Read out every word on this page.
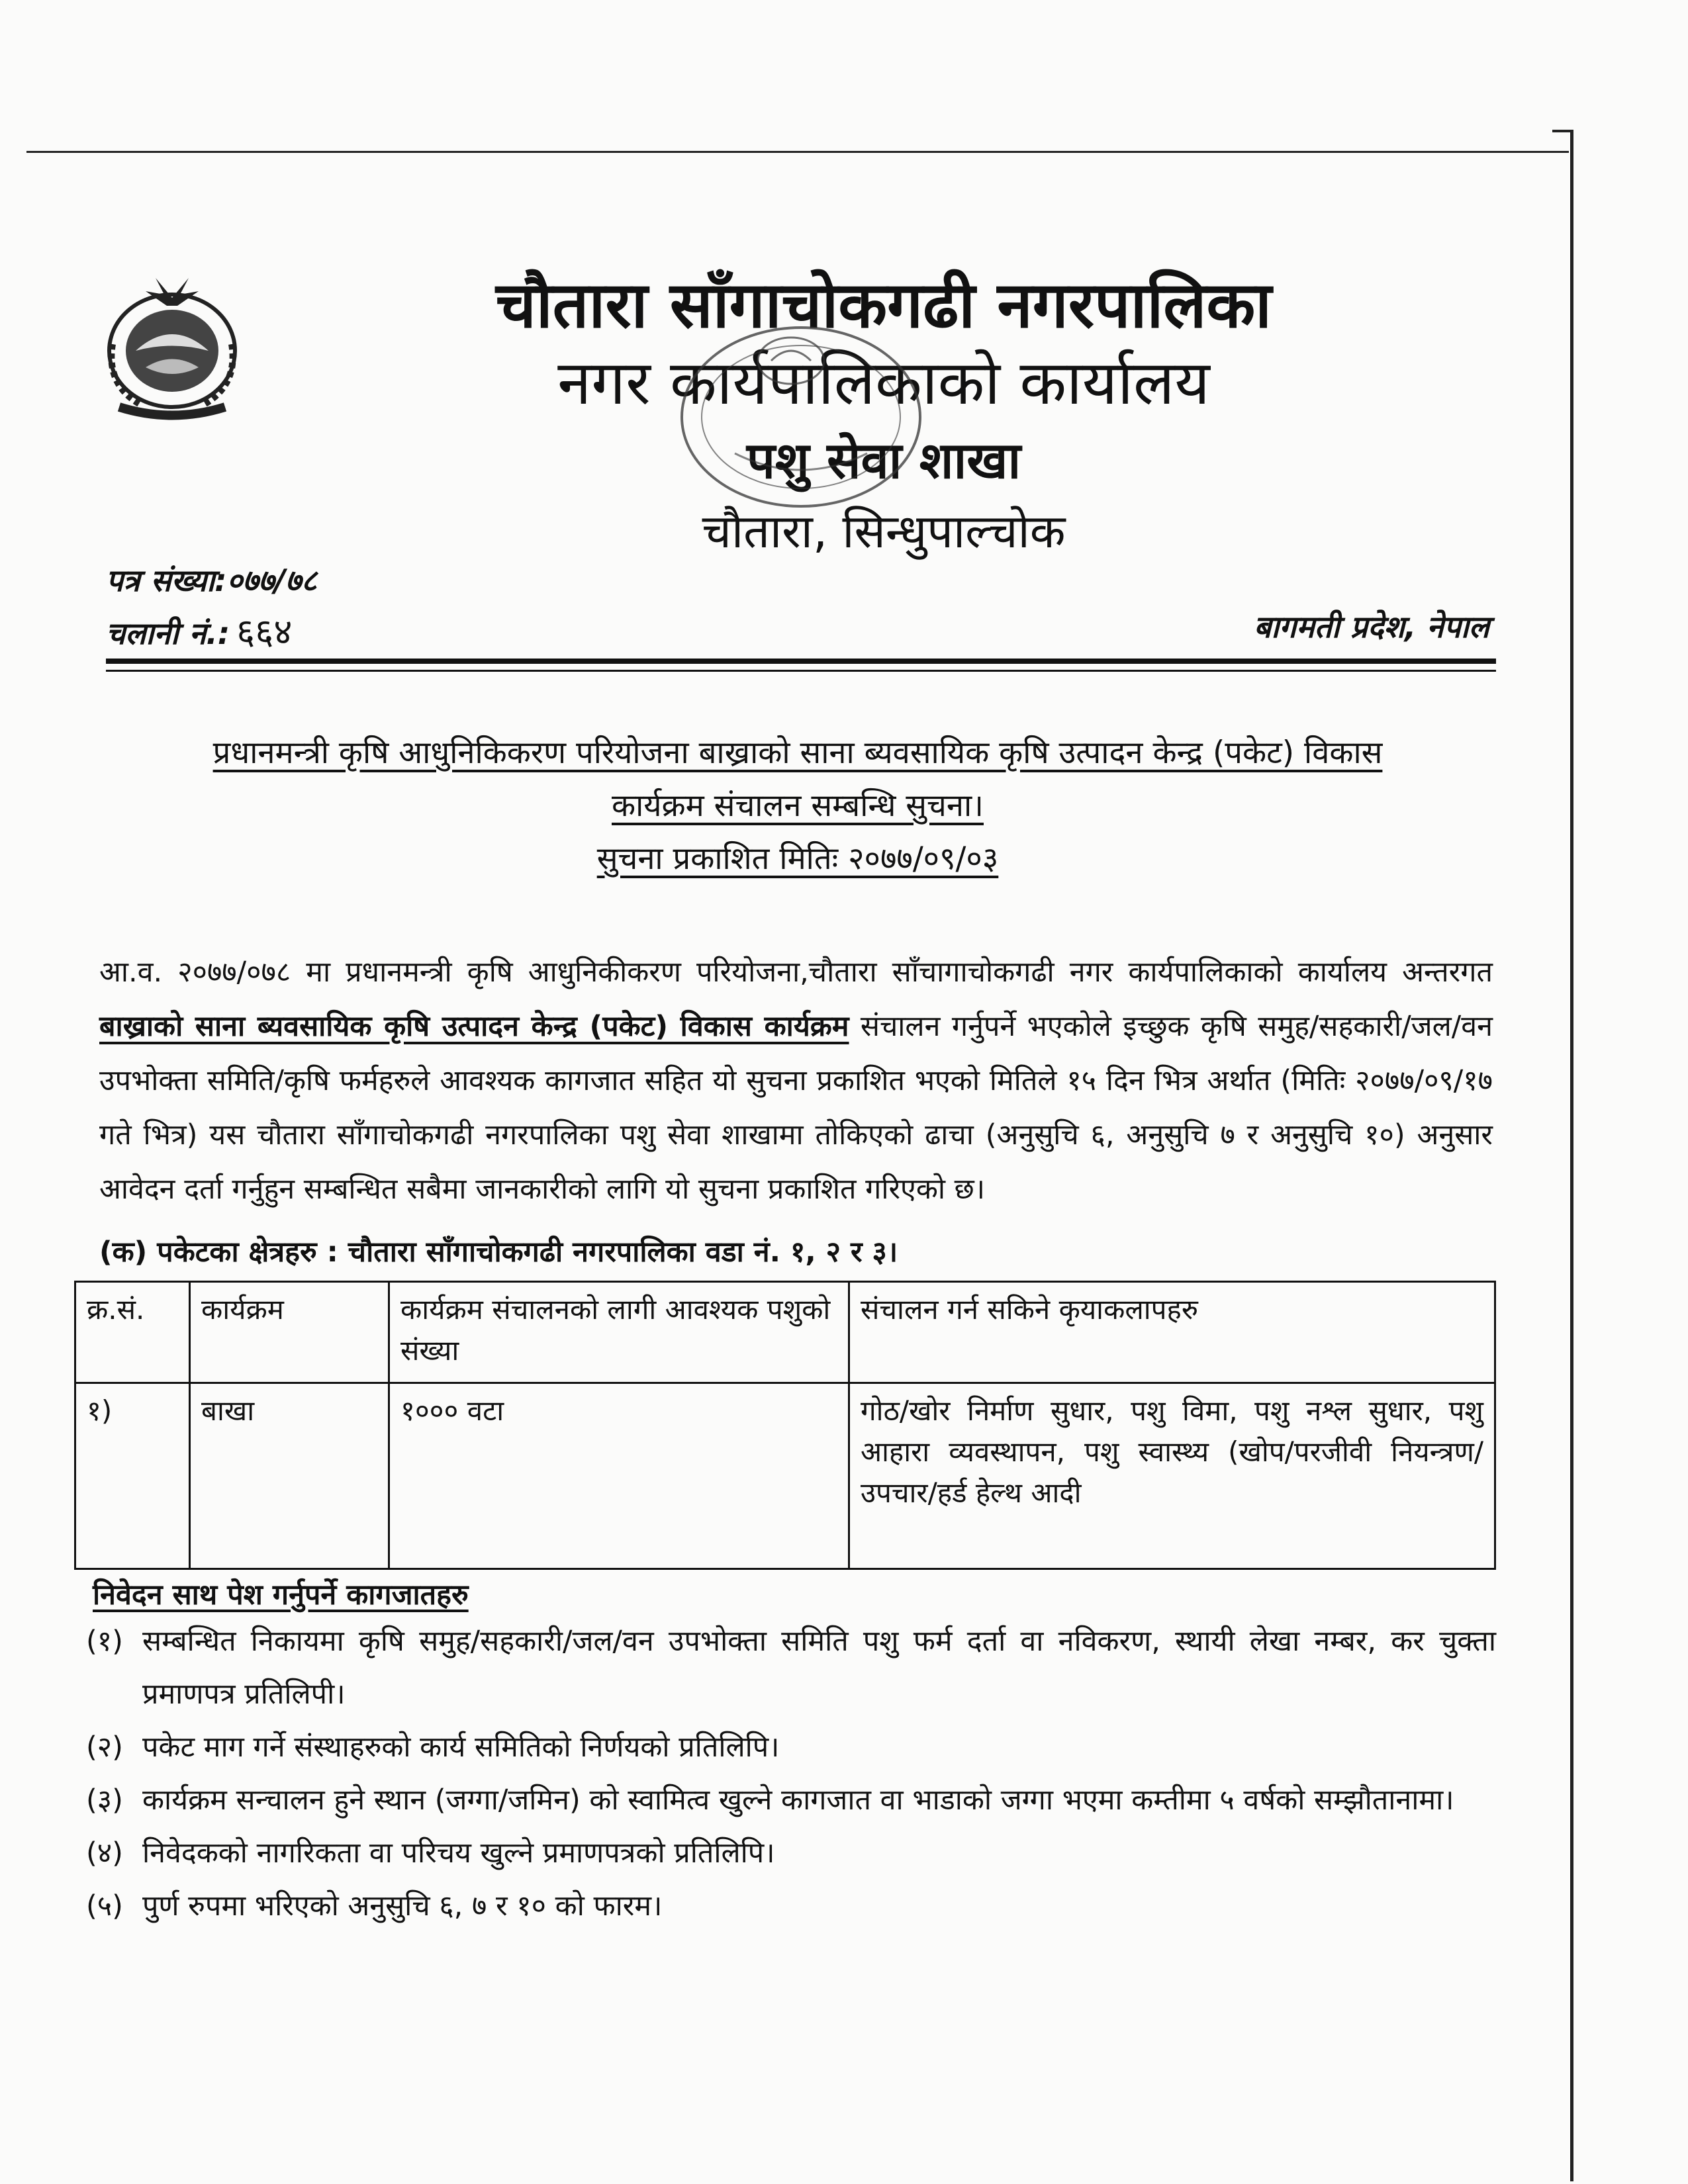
चौतारा साँगाचोकगढी नगरपालिका
नगर कार्यपालिकाको कार्यालय
पशु सेवा शाखा
चौतारा, सिन्धुपाल्चोक
पत्र संख्या:०७७/७८
चलानी नं.: ६६४	बागमती प्रदेश, नेपाल
प्रधानमन्त्री कृषि आधुनिकिकरण परियोजना बाख्राको साना ब्यवसायिक कृषि उत्पादन केन्द्र (पकेट) विकास
कार्यक्रम संचालन सम्बन्धि सुचना।
सुचना प्रकाशित मितिः २०७७/०९/०३
आ.व. २०७७/०७८ मा प्रधानमन्त्री कृषि आधुनिकीकरण परियोजना,चौतारा साँचागाचोकगढी नगर कार्यपालिकाको कार्यालय अन्तरगत बाख्राको साना ब्यवसायिक कृषि उत्पादन केन्द्र (पकेट) विकास कार्यक्रम संचालन गर्नुपर्ने भएकोले इच्छुक कृषि समुह/सहकारी/जल/वन उपभोक्ता समिति/कृषि फर्महरुले आवश्यक कागजात सहित यो सुचना प्रकाशित भएको मितिले १५ दिन भित्र अर्थात (मितिः २०७७/०९/१७ गते भित्र) यस चौतारा साँगाचोकगढी नगरपालिका पशु सेवा शाखामा तोकिएको ढाचा (अनुसुचि ६, अनुसुचि ७ र अनुसुचि १०) अनुसार आवेदन दर्ता गर्नुहुन सम्बन्धित सबैमा जानकारीको लागि यो सुचना प्रकाशित गरिएको छ।
(क) पकेटका क्षेत्रहरु : चौतारा साँगाचोकगढी नगरपालिका वडा नं. १, २ र ३।
क्र.सं.	कार्यक्रम	कार्यक्रम संचालनको लागी आवश्यक पशुको संख्या	संचालन गर्न सकिने कृयाकलापहरु
१)	बाखा	१००० वटा	गोठ/खोर निर्माण सुधार, पशु विमा, पशु नश्ल सुधार, पशु आहारा व्यवस्थापन, पशु स्वास्थ्य (खोप/परजीवी नियन्त्रण/उपचार/हर्ड हेल्थ आदी
निवेदन साथ पेश गर्नुपर्ने कागजातहरु
(१) सम्बन्धित निकायमा कृषि समुह/सहकारी/जल/वन उपभोक्ता समिति पशु फर्म दर्ता वा नविकरण, स्थायी लेखा नम्बर, कर चुक्ता प्रमाणपत्र प्रतिलिपी।
(२) पकेट माग गर्ने संस्थाहरुको कार्य समितिको निर्णयको प्रतिलिपि।
(३) कार्यक्रम सन्चालन हुने स्थान (जग्गा/जमिन) को स्वामित्व खुल्ने कागजात वा भाडाको जग्गा भएमा कम्तीमा ५ वर्षको सम्झौतानामा।
(४) निवेदकको नागरिकता वा परिचय खुल्ने प्रमाणपत्रको प्रतिलिपि।
(५) पुर्ण रुपमा भरिएको अनुसुचि ६, ७ र १० को फारम।
